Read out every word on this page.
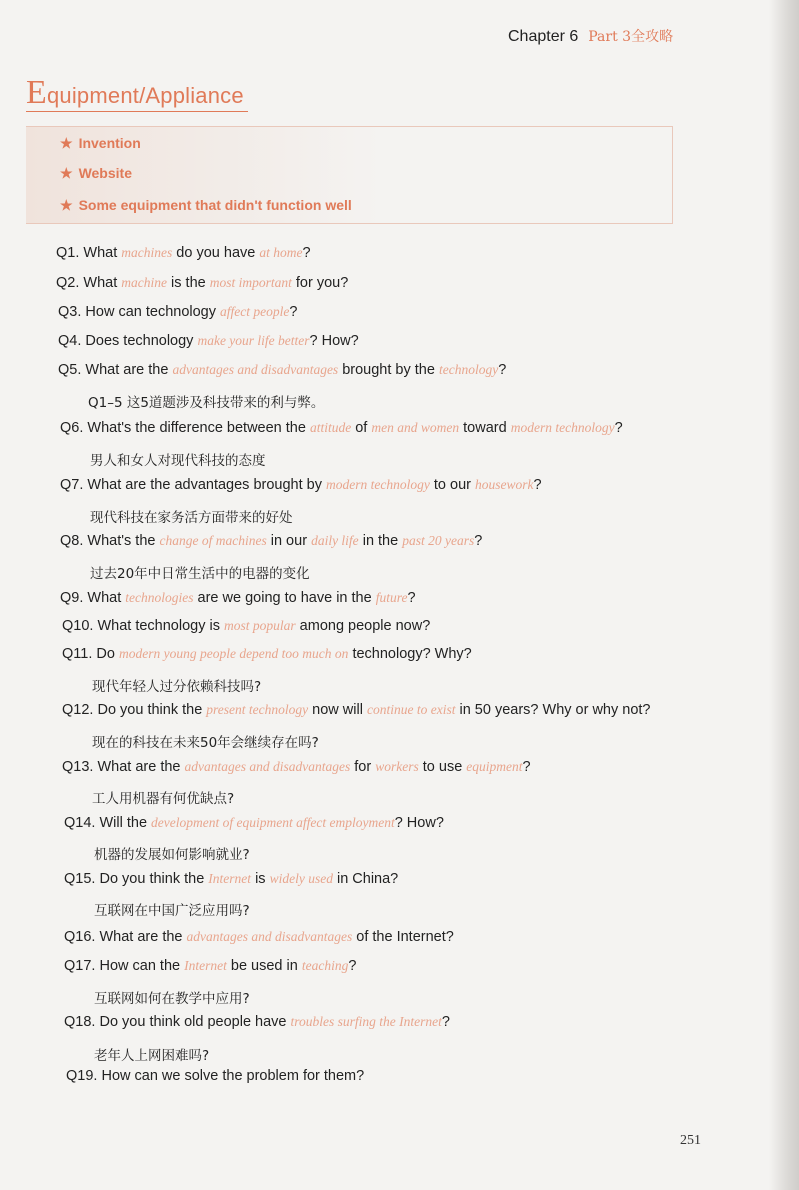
Chapter 6 Part 3全攻略
Equipment/Appliance
★ Invention
★ Website
★ Some equipment that didn't function well
Q1. What machines do you have at home?
Q2. What machine is the most important for you?
Q3. How can technology affect people?
Q4. Does technology make your life better? How?
Q5. What are the advantages and disadvantages brought by the technology?
Q1–5 这5道题涉及科技带来的利与弊。
Q6. What's the difference between the attitude of men and women toward modern technology?
男人和女人对现代科技的态度
Q7. What are the advantages brought by modern technology to our housework?
现代科技在家务活方面带来的好处
Q8. What's the change of machines in our daily life in the past 20 years?
过去20年中日常生活中的电器的变化
Q9. What technologies are we going to have in the future?
Q10. What technology is most popular among people now?
Q11. Do modern young people depend too much on technology? Why?
现代年轻人过分依赖科技吗?
Q12. Do you think the present technology now will continue to exist in 50 years? Why or why not?
现在的科技在未来50年会继续存在吗?
Q13. What are the advantages and disadvantages for workers to use equipment?
工人用机器有何优缺点?
Q14. Will the development of equipment affect employment? How?
机器的发展如何影响就业?
Q15. Do you think the Internet is widely used in China?
互联网在中国广泛应用吗?
Q16. What are the advantages and disadvantages of the Internet?
Q17. How can the Internet be used in teaching?
互联网如何在教学中应用?
Q18. Do you think old people have troubles surfing the Internet?
老年人上网困难吗?
Q19. How can we solve the problem for them?
251
